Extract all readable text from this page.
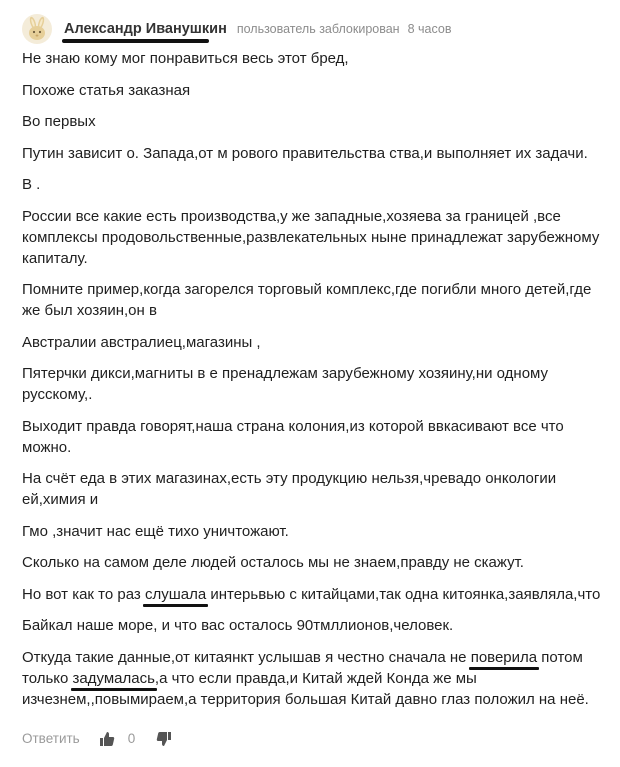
Александр Иванушкин пользователь заблокирован 8 часов

Не знаю кому мог понравиться весь этот бред,

Похоже статья заказная

Во первых

Путин зависит о. Запада,от м рового правительства ства,и выполняет их задачи.

В .

России все какие есть производства,у же западные,хозяева за границей ,все комплексы продовольственные,развлекательных ныне принадлежат зарубежному капиталу.

Помните пример,когда загорелся торговый комплекс,где погибли много детей,где же был хозяин,он в

Австралии австралиец,магазины ,

Пятерчки дикси,магниты в е пренадлежам зарубежному хозяину,ни одному русскому,.

Выходит правда говорят,наша страна колония,из которой ввкасивают все что можно.

На счёт еда в этих магазинах,есть эту продукцию нельзя,чревадо онкологии ей,химия и

Гмо ,значит нас ещё тихо уничтожают.

Сколько на самом деле людей осталось мы не знаем,правду не скажут.

Но вот как то раз слушала интерьвью с китайцами,так одна китоянка,заявляла,что

Байкал наше море, и что вас осталось 90тмллионов,человек.

Откуда такие данные,от китаянкт услышав я честно сначала не поверила потом только задумалась,а что если правда,и Китай ждей Конда же мы изчезнем,,повымираем,а территория большая Китай давно глаз положил на неё.

Ответить	0
